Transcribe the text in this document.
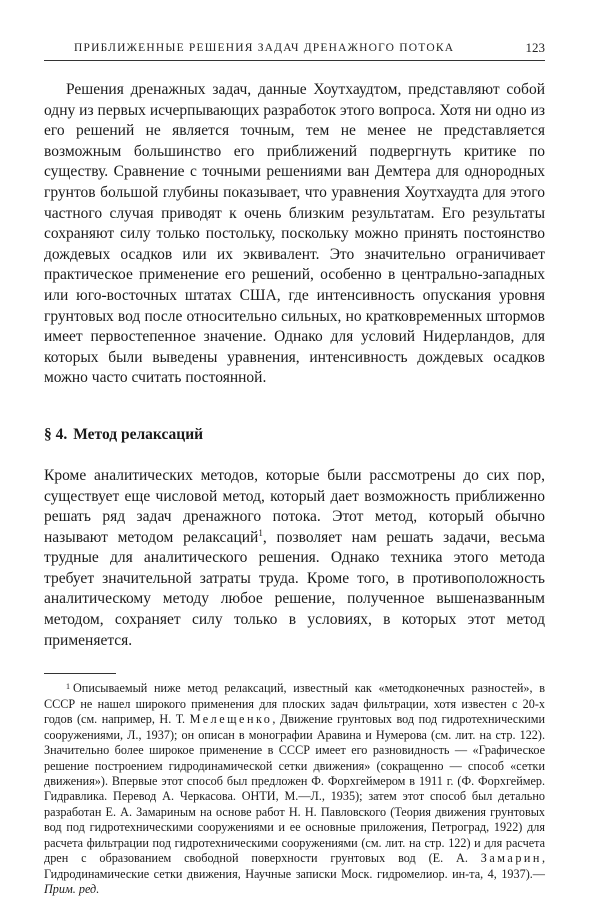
ПРИБЛИЖЕННЫЕ РЕШЕНИЯ ЗАДАЧ ДРЕНАЖНОГО ПОТОКА	123

Решения дренажных задач, данные Хоутхаудтом, представляют собой одну из первых исчерпывающих разработок этого вопроса. Хотя ни одно из его решений не является точным, тем не менее не представляется возможным большинство его приближений подвергнуть критике по существу. Сравнение с точными решениями ван Демтера для однородных грунтов большой глубины показывает, что уравнения Хоутхаудта для этого частного случая приводят к очень близким результатам. Его результаты сохраняют силу только постольку, поскольку можно принять постоянство дождевых осадков или их эквивалент. Это значительно ограничивает практическое применение его решений, особенно в центрально-западных или юго-восточных штатах США, где интенсивность опускания уровня грунтовых вод после относительно сильных, но кратковременных штормов имеет первостепенное значение. Однако для условий Нидерландов, для которых были выведены уравнения, интенсивность дождевых осадков можно часто считать постоянной.

§ 4. Метод релаксаций

Кроме аналитических методов, которые были рассмотрены до сих пор, существует еще числовой метод, который дает возможность приближенно решать ряд задач дренажного потока. Этот метод, который обычно называют методом релаксаций$^1$, позволяет нам решать задачи, весьма трудные для аналитического решения. Однако техника этого метода требует значительной затраты труда. Кроме того, в противоположность аналитическому методу любое решение, полученное вышеназванным методом, сохраняет силу только в условиях, в которых этот метод применяется.

$^1$ Описываемый ниже метод релаксаций, известный как «методконечных разностей», в СССР не нашел широкого применения для плоских задач фильтрации, хотя известен с 20-х годов (см. например, Н. Т. Мелещенко, Движение грунтовых вод под гидротехническими сооружениями, Л., 1937); он описан в монографии Аравина и Нумерова (см. лит. на стр. 122). Значительно более широкое применение в СССР имеет его разновидность — «Графическое решение построением гидродинамической сетки движения» (сокращенно — способ «сетки движения»). Впервые этот способ был предложен Ф. Форхгеймером в 1911 г. (Ф. Форхгеймер. Гидравлика. Перевод А. Черкасова. ОНТИ, М.—Л., 1935); затем этот способ был детально разработан Е. А. Замариным на основе работ Н. Н. Павловского (Теория движения грунтовых вод под гидротехническими сооружениями и ее основные приложения, Петроград, 1922) для расчета фильтрации под гидротехническими сооружениями (см. лит. на стр. 122) и для расчета дрен с образованием свободной поверхности грунтовых вод (Е. А. Замарин, Гидродинамические сетки движения, Научные записки Моск. гидромелиор. ин-та, 4, 1937).— Прим. ред.
